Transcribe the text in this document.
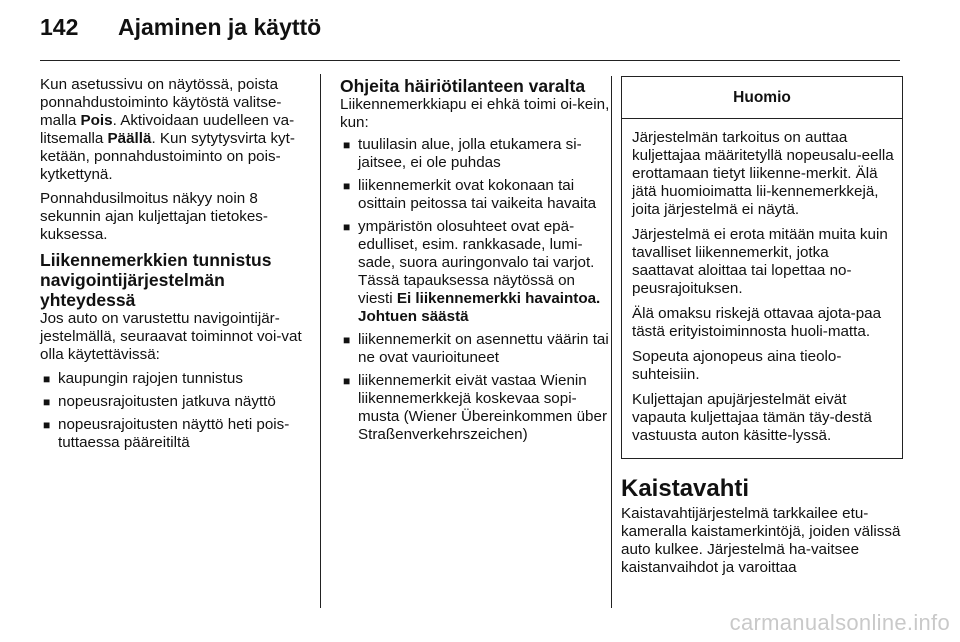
142	Ajaminen ja käyttö

Kun asetussivu on näytössä, poista ponnahdustoiminto käytöstä valitse-malla Pois. Aktivoidaan uudelleen va-litsemalla Päällä. Kun sytytysvirta kyt-ketään, ponnahdustoiminto on pois-kytkettynä.

Ponnahdusilmoitus näkyy noin 8 sekunnin ajan kuljettajan tietokes-kuksessa.

Liikennemerkkien tunnistus navigointijärjestelmän yhteydessä

Jos auto on varustettu navigointijär-jestelmällä, seuraavat toiminnot voi-vat olla käytettävissä:

■ kaupungin rajojen tunnistus
■ nopeusrajoitusten jatkuva näyttö
■ nopeusrajoitusten näyttö heti pois-tuttaessa pääreitiltä
Ohjeita häiriötilanteen varalta

Liikennemerkkiapu ei ehkä toimi oi-kein, kun:

■ tuulilasin alue, jolla etukamera si-jaitsee, ei ole puhdas
■ liikennemerkit ovat kokonaan tai osittain peitossa tai vaikeita havaita
■ ympäristön olosuhteet ovat epä-edulliset, esim. rankkasade, lumi-sade, suora auringonvalo tai varjot. Tässä tapauksessa näytössä on viesti Ei liikennemerkki havaintoa. Johtuen säästä
■ liikennemerkit on asennettu väärin tai ne ovat vaurioituneet
■ liikennemerkit eivät vastaa Wienin liikennemerkkejä koskevaa sopi-musta (Wiener Übereinkommen über Straßenverkehrszeichen)
Huomio

Järjestelmän tarkoitus on auttaa kuljettajaa määritetyllä nopeusalu-eella erottamaan tietyt liikenne-merkit. Älä jätä huomioimatta lii-kennemerkkejä, joita järjestelmä ei näytä.

Järjestelmä ei erota mitään muita kuin tavalliset liikennemerkit, jotka saattavat aloittaa tai lopettaa no-peusrajoituksen.

Älä omaksu riskejä ottavaa ajota-paa tästä erityistoiminnosta huoli-matta.

Sopeuta ajonopeus aina tieolo-suhteisiin.

Kuljettajan apujärjestelmät eivät vapauta kuljettajaa tämän täy-destä vastuusta auton käsitte-lyssä.

Kaistavahti

Kaistavahtijärjestelmä tarkkailee etu-kameralla kaistamerkintöjä, joiden välissä auto kulkee. Järjestelmä ha-vaitsee kaistanvaihdot ja varoittaa

carmanualsonline.info
